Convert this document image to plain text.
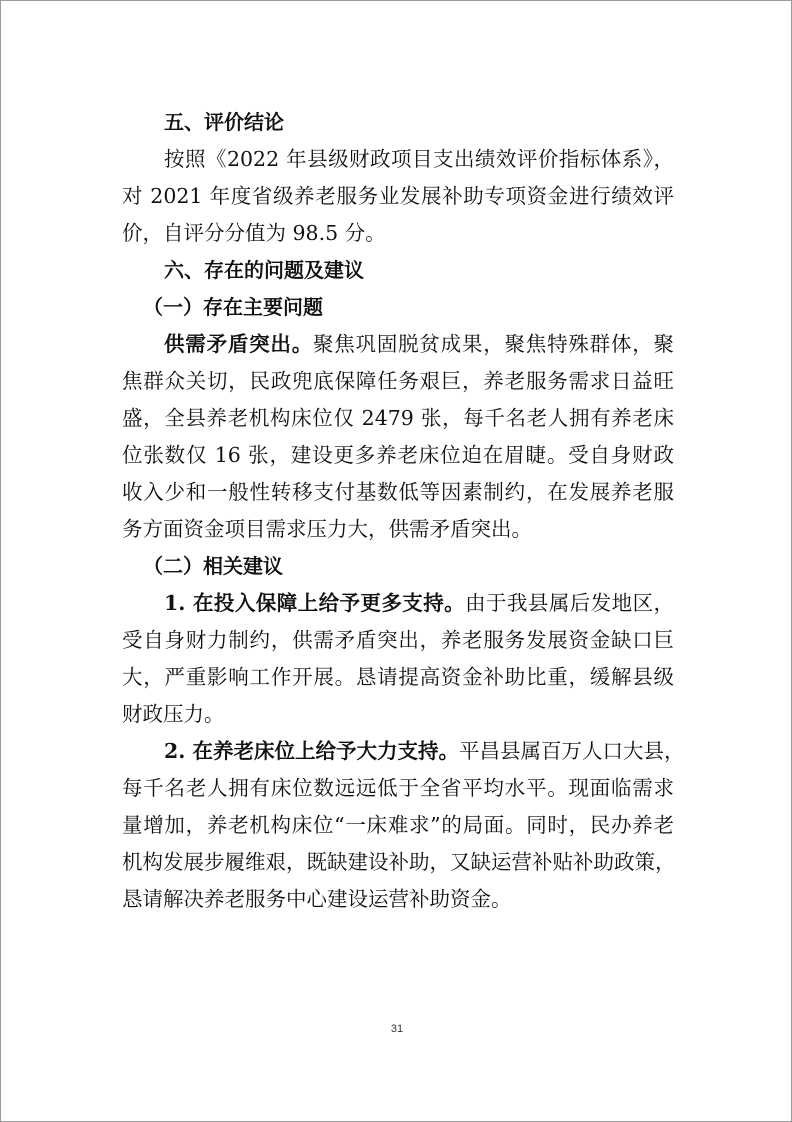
五、评价结论
按照《2022 年县级财政项目支出绩效评价指标体系》，
对 2021 年度省级养老服务业发展补助专项资金进行绩效评
价，自评分分值为 98.5 分。
六、存在的问题及建议
（一）存在主要问题
供需矛盾突出。聚焦巩固脱贫成果，聚焦特殊群体，聚
焦群众关切，民政兜底保障任务艰巨，养老服务需求日益旺
盛，全县养老机构床位仅 2479 张，每千名老人拥有养老床
位张数仅 16 张，建设更多养老床位迫在眉睫。受自身财政
收入少和一般性转移支付基数低等因素制约，在发展养老服
务方面资金项目需求压力大，供需矛盾突出。
（二）相关建议
1. 在投入保障上给予更多支持。由于我县属后发地区，
受自身财力制约，供需矛盾突出，养老服务发展资金缺口巨
大，严重影响工作开展。恳请提高资金补助比重，缓解县级
财政压力。
2. 在养老床位上给予大力支持。平昌县属百万人口大县，
每千名老人拥有床位数远远低于全省平均水平。现面临需求
量增加，养老机构床位“一床难求”的局面。同时，民办养老
机构发展步履维艰，既缺建设补助，又缺运营补贴补助政策，
恳请解决养老服务中心建设运营补助资金。
31
